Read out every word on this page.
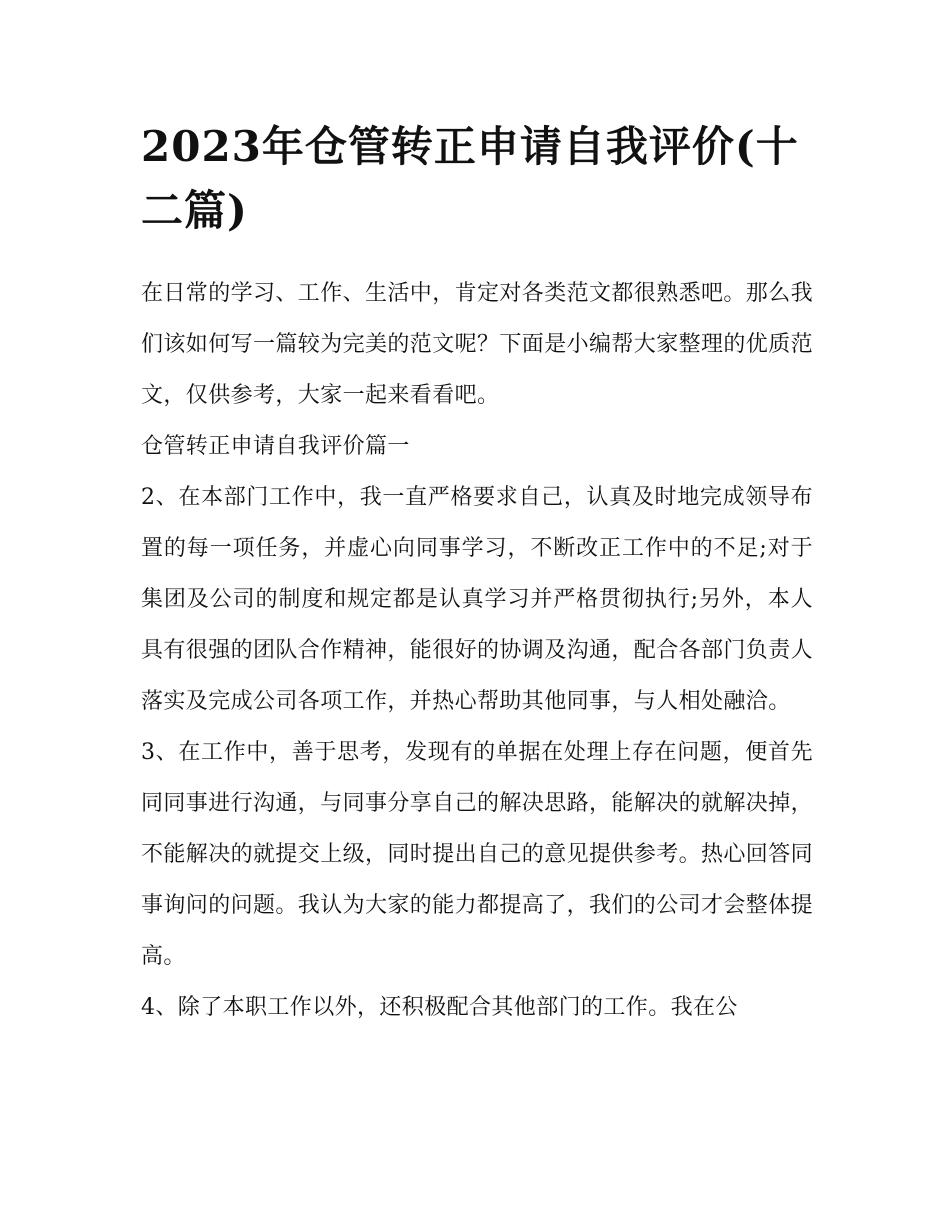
2023年仓管转正申请自我评价(十二篇)

在日常的学习、工作、生活中，肯定对各类范文都很熟悉吧。那么我们该如何写一篇较为完美的范文呢？下面是小编帮大家整理的优质范文，仅供参考，大家一起来看看吧。

仓管转正申请自我评价篇一

2、在本部门工作中，我一直严格要求自己，认真及时地完成领导布置的每一项任务，并虚心向同事学习，不断改正工作中的不足;对于集团及公司的制度和规定都是认真学习并严格贯彻执行;另外，本人具有很强的团队合作精神，能很好的协调及沟通，配合各部门负责人落实及完成公司各项工作，并热心帮助其他同事，与人相处融洽。

3、在工作中，善于思考，发现有的单据在处理上存在问题，便首先同同事进行沟通，与同事分享自己的解决思路，能解决的就解决掉，不能解决的就提交上级，同时提出自己的意见提供参考。热心回答同事询问的问题。我认为大家的能力都提高了，我们的公司才会整体提高。

4、除了本职工作以外，还积极配合其他部门的工作。我在公
